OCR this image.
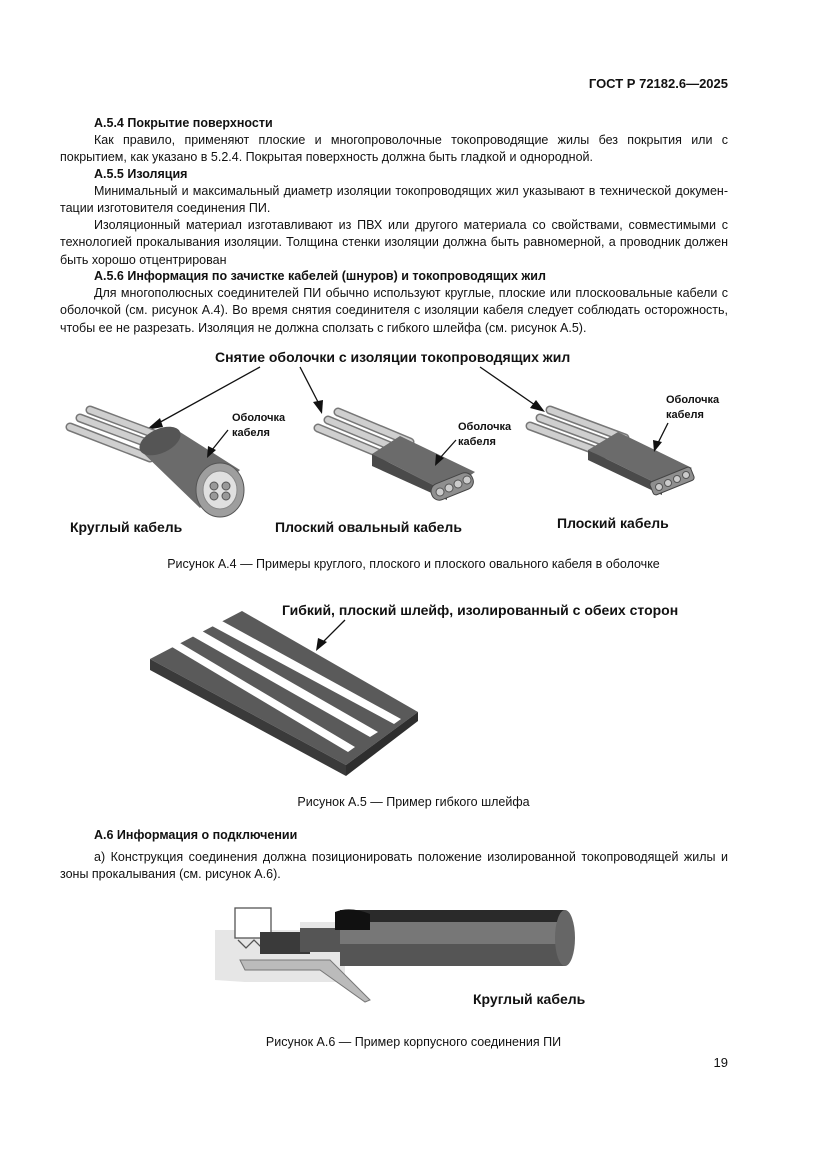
ГОСТ Р 72182.6—2025

А.5.4 Покрытие поверхности

Как правило, применяют плоские и многопроволочные токопроводящие жилы без покрытия или с покрытием, как указано в 5.2.4. Покрытая поверхность должна быть гладкой и однородной.

А.5.5 Изоляция

Минимальный и максимальный диаметр изоляции токопроводящих жил указывают в технической документации изготовителя соединения ПИ.

Изоляционный материал изготавливают из ПВХ или другого материала со свойствами, совместимыми с технологией прокалывания изоляции. Толщина стенки изоляции должна быть равномерной, а проводник должен быть хорошо отцентрирован

А.5.6 Информация по зачистке кабелей (шнуров) и токопроводящих жил

Для многополюсных соединителей ПИ обычно используют круглые, плоские или плоскоовальные кабели с оболочкой (см. рисунок А.4). Во время снятия соединителя с изоляции кабеля следует соблюдать осторожность, чтобы ее не разрезать. Изоляция не должна сползать с гибкого шлейфа (см. рисунок А.5).

Снятие оболочки с изоляции токопроводящих жил
Оболочка
кабеля	Оболочка
кабеля
Оболочка
кабеля
Круглый кабель	Плоский овальный кабель	Плоский кабель
Рисунок А.4 — Примеры круглого, плоского и плоского овального кабеля в оболочке
Гибкий, плоский шлейф, изолированный с обеих сторон
Рисунок А.5 — Пример гибкого шлейфа

А.6 Информация о подключении

а) Конструкция соединения должна позиционировать положение изолированной токопроводящей жилы и зоны прокалывания (см. рисунок А.6).

Круглый кабель
Рисунок А.6 — Пример корпусного соединения ПИ
19
